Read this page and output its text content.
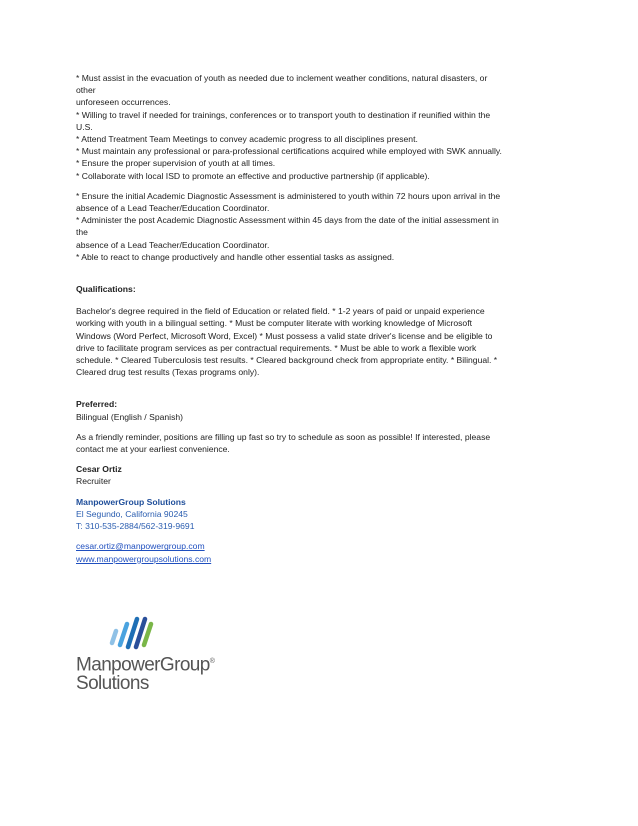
* Must assist in the evacuation of youth as needed due to inclement weather conditions, natural disasters, or
other
unforeseen occurrences.
* Willing to travel if needed for trainings, conferences or to transport youth to destination if reunified within the
U.S.
* Attend Treatment Team Meetings to convey academic progress to all disciplines present.
* Must maintain any professional or para-professional certifications acquired while employed with SWK annually.
* Ensure the proper supervision of youth at all times.
* Collaborate with local ISD to promote an effective and productive partnership (if applicable).
* Ensure the initial Academic Diagnostic Assessment is administered to youth within 72 hours upon arrival in the
absence of a Lead Teacher/Education Coordinator.
* Administer the post Academic Diagnostic Assessment within 45 days from the date of the initial assessment in
the
absence of a Lead Teacher/Education Coordinator.
* Able to react to change productively and handle other essential tasks as assigned.
Qualifications:
Bachelor's degree required in the field of Education or related field. * 1-2 years of paid or unpaid experience
working with youth in a bilingual setting. * Must be computer literate with working knowledge of Microsoft
Windows (Word Perfect, Microsoft Word, Excel) * Must possess a valid state driver's license and be eligible to
drive to facilitate program services as per contractual requirements. * Must be able to work a flexible work
schedule. * Cleared Tuberculosis test results. * Cleared background check from appropriate entity. * Bilingual. *
Cleared drug test results (Texas programs only).
Preferred:
Bilingual (English / Spanish)
As a friendly reminder, positions are filling up fast so try to schedule as soon as possible! If interested, please
contact me at your earliest convenience.
Cesar Ortiz
Recruiter
ManpowerGroup Solutions
El Segundo, California 90245
T: 310-535-2884/562-319-9691
cesar.ortiz@manpowergroup.com
www.manpowergroupsolutions.com
ManpowerGroup®
Solutions
